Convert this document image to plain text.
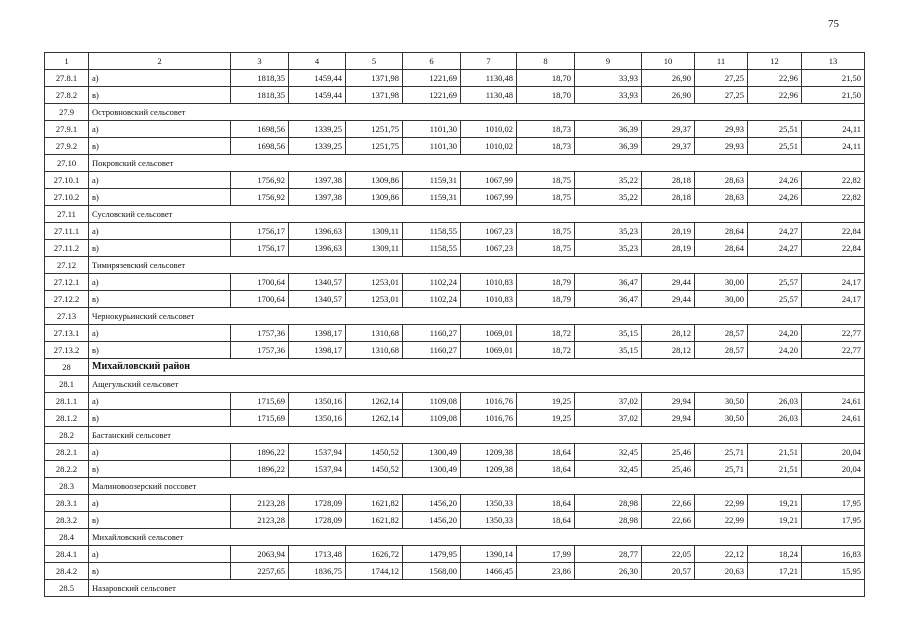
75
1	2	3	4	5	6	7	8	9	10	11	12	13
27.8.1	а)	1818,35	1459,44	1371,98	1221,69	1130,48	18,70	33,93	26,90	27,25	22,96	21,50
27.8.2	в)	1818,35	1459,44	1371,98	1221,69	1130,48	18,70	33,93	26,90	27,25	22,96	21,50
27.9	Островновский сельсовет											
27.9.1	а)	1698,56	1339,25	1251,75	1101,30	1010,02	18,73	36,39	29,37	29,93	25,51	24,11
27.9.2	в)	1698,56	1339,25	1251,75	1101,30	1010,02	18,73	36,39	29,37	29,93	25,51	24,11
27.10	Покровский сельсовет											
27.10.1	а)	1756,92	1397,38	1309,86	1159,31	1067,99	18,75	35,22	28,18	28,63	24,26	22,82
27.10.2	в)	1756,92	1397,38	1309,86	1159,31	1067,99	18,75	35,22	28,18	28,63	24,26	22,82
27.11	Сусловский сельсовет											
27.11.1	а)	1756,17	1396,63	1309,11	1158,55	1067,23	18,75	35,23	28,19	28,64	24,27	22,84
27.11.2	в)	1756,17	1396,63	1309,11	1158,55	1067,23	18,75	35,23	28,19	28,64	24,27	22,84
27.12	Тимирязевский сельсовет											
27.12.1	а)	1700,64	1340,57	1253,01	1102,24	1010,83	18,79	36,47	29,44	30,00	25,57	24,17
27.12.2	в)	1700,64	1340,57	1253,01	1102,24	1010,83	18,79	36,47	29,44	30,00	25,57	24,17
27.13	Чернокурьинский сельсовет											
27.13.1	а)	1757,36	1398,17	1310,68	1160,27	1069,01	18,72	35,15	28,12	28,57	24,20	22,77
27.13.2	в)	1757,36	1398,17	1310,68	1160,27	1069,01	18,72	35,15	28,12	28,57	24,20	22,77
28	Михайловский район											
28.1	Ащегульский сельсовет											
28.1.1	а)	1715,69	1350,16	1262,14	1109,08	1016,76	19,25	37,02	29,94	30,50	26,03	24,61
28.1.2	в)	1715,69	1350,16	1262,14	1109,08	1016,76	19,25	37,02	29,94	30,50	26,03	24,61
28.2	Бастанский сельсовет											
28.2.1	а)	1896,22	1537,94	1450,52	1300,49	1209,38	18,64	32,45	25,46	25,71	21,51	20,04
28.2.2	в)	1896,22	1537,94	1450,52	1300,49	1209,38	18,64	32,45	25,46	25,71	21,51	20,04
28.3	Малиновоозерский поссовет											
28.3.1	а)	2123,28	1728,09	1621,82	1456,20	1350,33	18,64	28,98	22,66	22,99	19,21	17,95
28.3.2	в)	2123,28	1728,09	1621,82	1456,20	1350,33	18,64	28,98	22,66	22,99	19,21	17,95
28.4	Михайловский сельсовет											
28.4.1	а)	2063,94	1713,48	1626,72	1479,95	1390,14	17,99	28,77	22,05	22,12	18,24	16,83
28.4.2	в)	2257,65	1836,75	1744,12	1568,00	1466,45	23,86	26,30	20,57	20,63	17,21	15,95
28.5	Назаровский сельсовет											
